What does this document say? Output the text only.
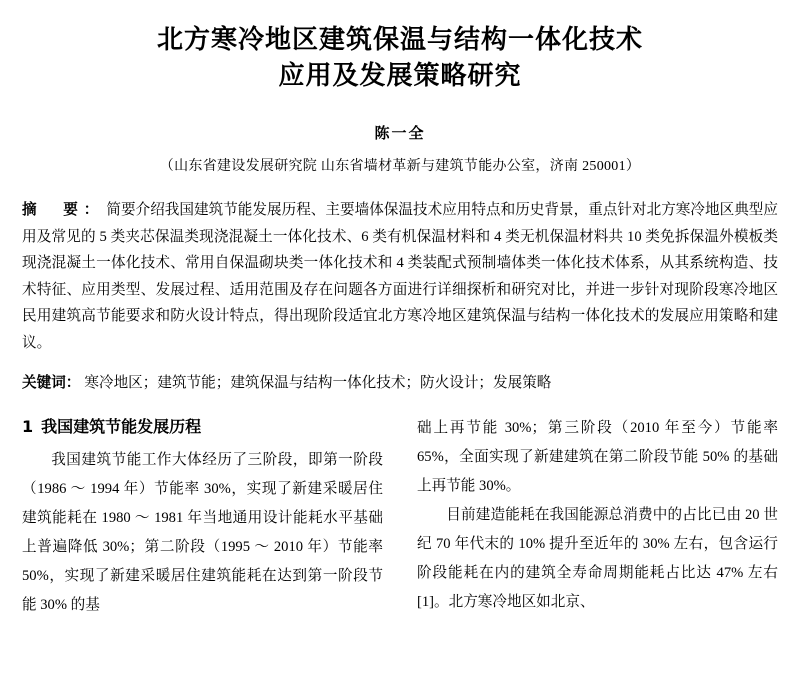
北方寒冷地区建筑保温与结构一体化技术
应用及发展策略研究
陈一全
（山东省建设发展研究院 山东省墙材革新与建筑节能办公室，济南 250001）
摘　要： 简要介绍我国建筑节能发展历程、主要墙体保温技术应用特点和历史背景，重点针对北方寒冷地区典型应用及常见的 5 类夹芯保温类现浇混凝土一体化技术、6 类有机保温材料和 4 类无机保温材料共 10 类免拆保温外模板类现浇混凝土一体化技术、常用自保温砌块类一体化技术和 4 类装配式预制墙体类一体化技术体系，从其系统构造、技术特征、应用类型、发展过程、适用范围及存在问题各方面进行详细探析和研究对比，并进一步针对现阶段寒冷地区民用建筑高节能要求和防火设计特点，得出现阶段适宜北方寒冷地区建筑保温与结构一体化技术的发展应用策略和建议。
关键词： 寒冷地区；建筑节能；建筑保温与结构一体化技术；防火设计；发展策略
1 我国建筑节能发展历程
我国建筑节能工作大体经历了三阶段，即第一阶段（1986 ～ 1994 年）节能率 30%，实现了新建采暖居住建筑能耗在 1980 ～ 1981 年当地通用设计能耗水平基础上普遍降低 30%；第二阶段（1995 ～ 2010 年）节能率 50%，实现了新建采暖居住建筑能耗在达到第一阶段节能 30% 的基
础上再节能 30%；第三阶段（2010 年至今）节能率 65%，全面实现了新建建筑在第二阶段节能 50% 的基础上再节能 30%。
目前建造能耗在我国能源总消费中的占比已由 20 世纪 70 年代末的 10% 提升至近年的 30% 左右，包含运行阶段能耗在内的建筑全寿命周期能耗占比达 47% 左右 [1]。北方寒冷地区如北京、
